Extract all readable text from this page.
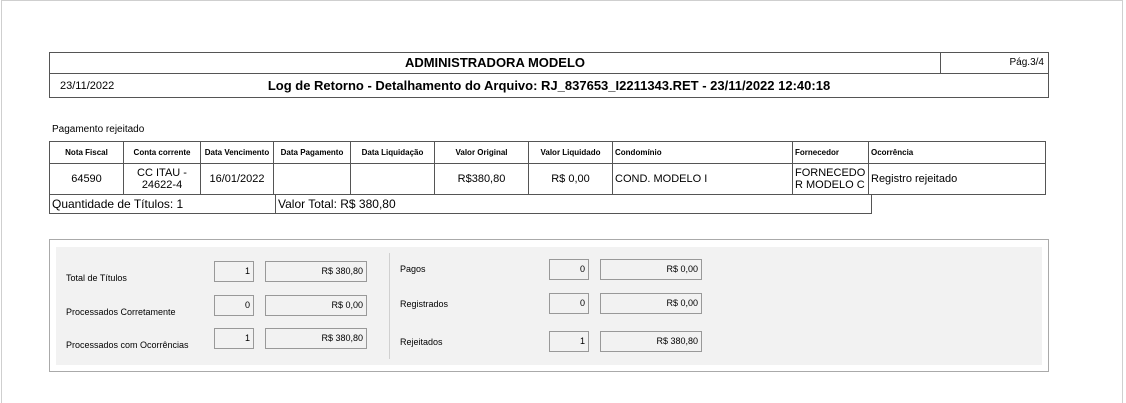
ADMINISTRADORA MODELO	Pág.3/4
23/11/2022	Log de Retorno - Detalhamento do Arquivo: RJ_837653_I2211343.RET - 23/11/2022 12:40:18
Pagamento rejeitado
Nota Fiscal	Conta corrente	Data Vencimento	Data Pagamento	Data Liquidação	Valor Original	Valor Liquidado	Condomínio	Fornecedor	Ocorrência
64590	CC ITAU - 24622-4	16/01/2022			R$380,80	R$ 0,00	COND. MODELO I	FORNECEDO R MODELO C	Registro rejeitado
Quantidade de Títulos: 1	Valor Total: R$ 380,80
Total de Títulos
1	R$ 380,80
Processados Corretamente
0	R$ 0,00
Processados com Ocorrências
1	R$ 380,80
Pagos	0	R$ 0,00
Registrados	0	R$ 0,00
Rejeitados	1	R$ 380,80
